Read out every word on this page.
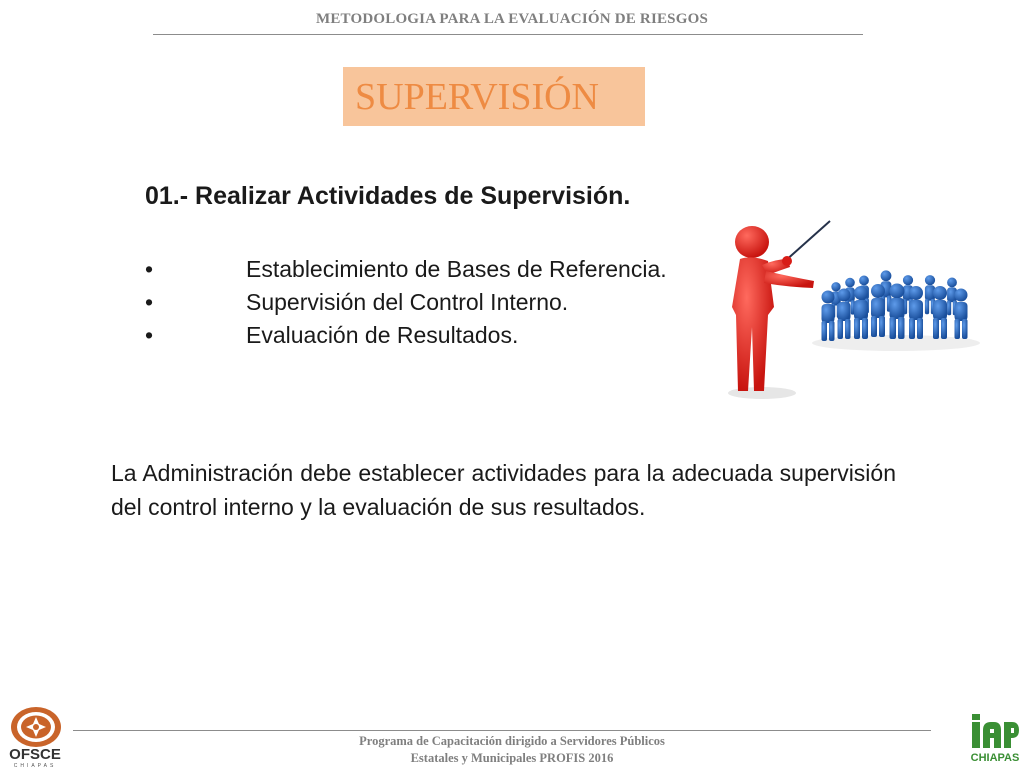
METODOLOGIA PARA LA EVALUACIÓN DE RIESGOS
SUPERVISIÓN
01.- Realizar Actividades de Supervisión.
•	Establecimiento de Bases de Referencia.
•	Supervisión del Control Interno.
•	Evaluación de Resultados.
La Administración debe establecer actividades para la adecuada supervisión del control interno y la evaluación de sus resultados.
Programa de Capacitación dirigido a Servidores Públicos
Estatales y Municipales PROFIS 2016
OFSCE
CHIAPAS
CHIAPAS
